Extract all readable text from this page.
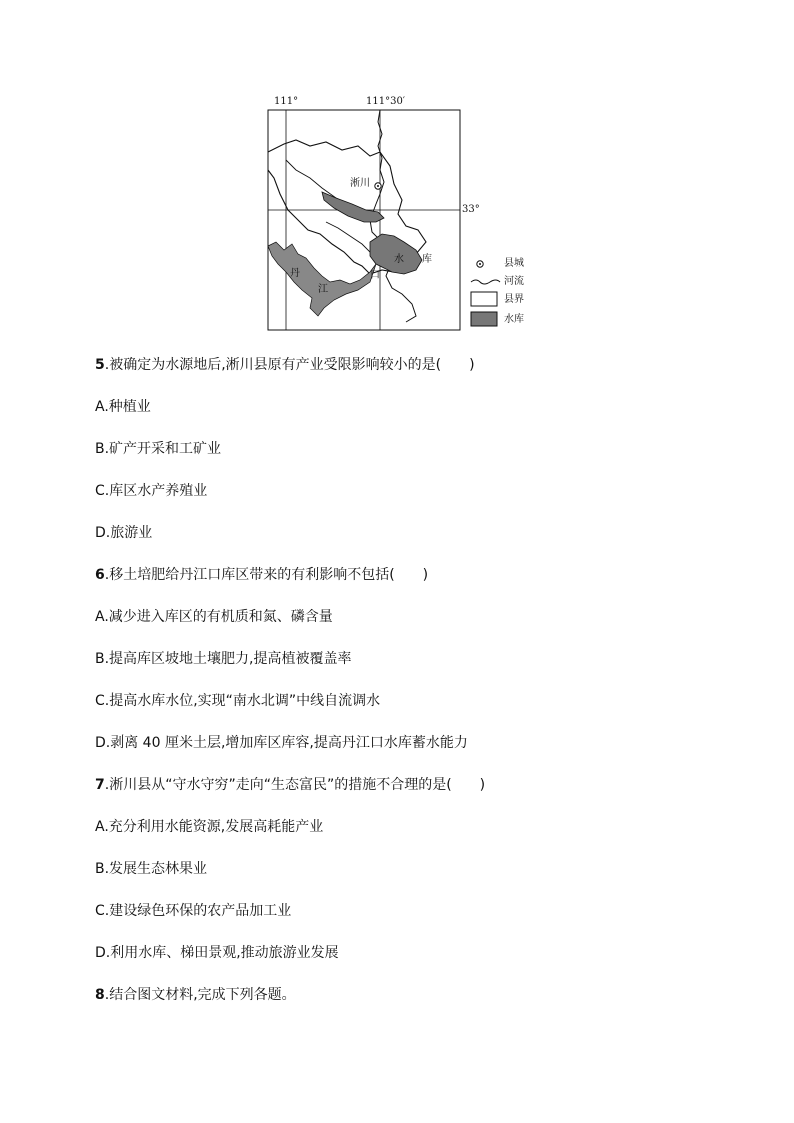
111°	111°30′
33°
淅川
水 库
丹
江
口
县城
河流
县界
水库
5.被确定为水源地后,淅川县原有产业受限影响较小的是(　　)
A.种植业
B.矿产开采和工矿业
C.库区水产养殖业
D.旅游业
6.移土培肥给丹江口库区带来的有利影响不包括(　　)
A.减少进入库区的有机质和氮、磷含量
B.提高库区坡地土壤肥力,提高植被覆盖率
C.提高水库水位,实现“南水北调”中线自流调水
D.剥离 40 厘米土层,增加库区库容,提高丹江口水库蓄水能力
7.淅川县从“守水守穷”走向“生态富民”的措施不合理的是(　　)
A.充分利用水能资源,发展高耗能产业
B.发展生态林果业
C.建设绿色环保的农产品加工业
D.利用水库、梯田景观,推动旅游业发展
8.结合图文材料,完成下列各题。
